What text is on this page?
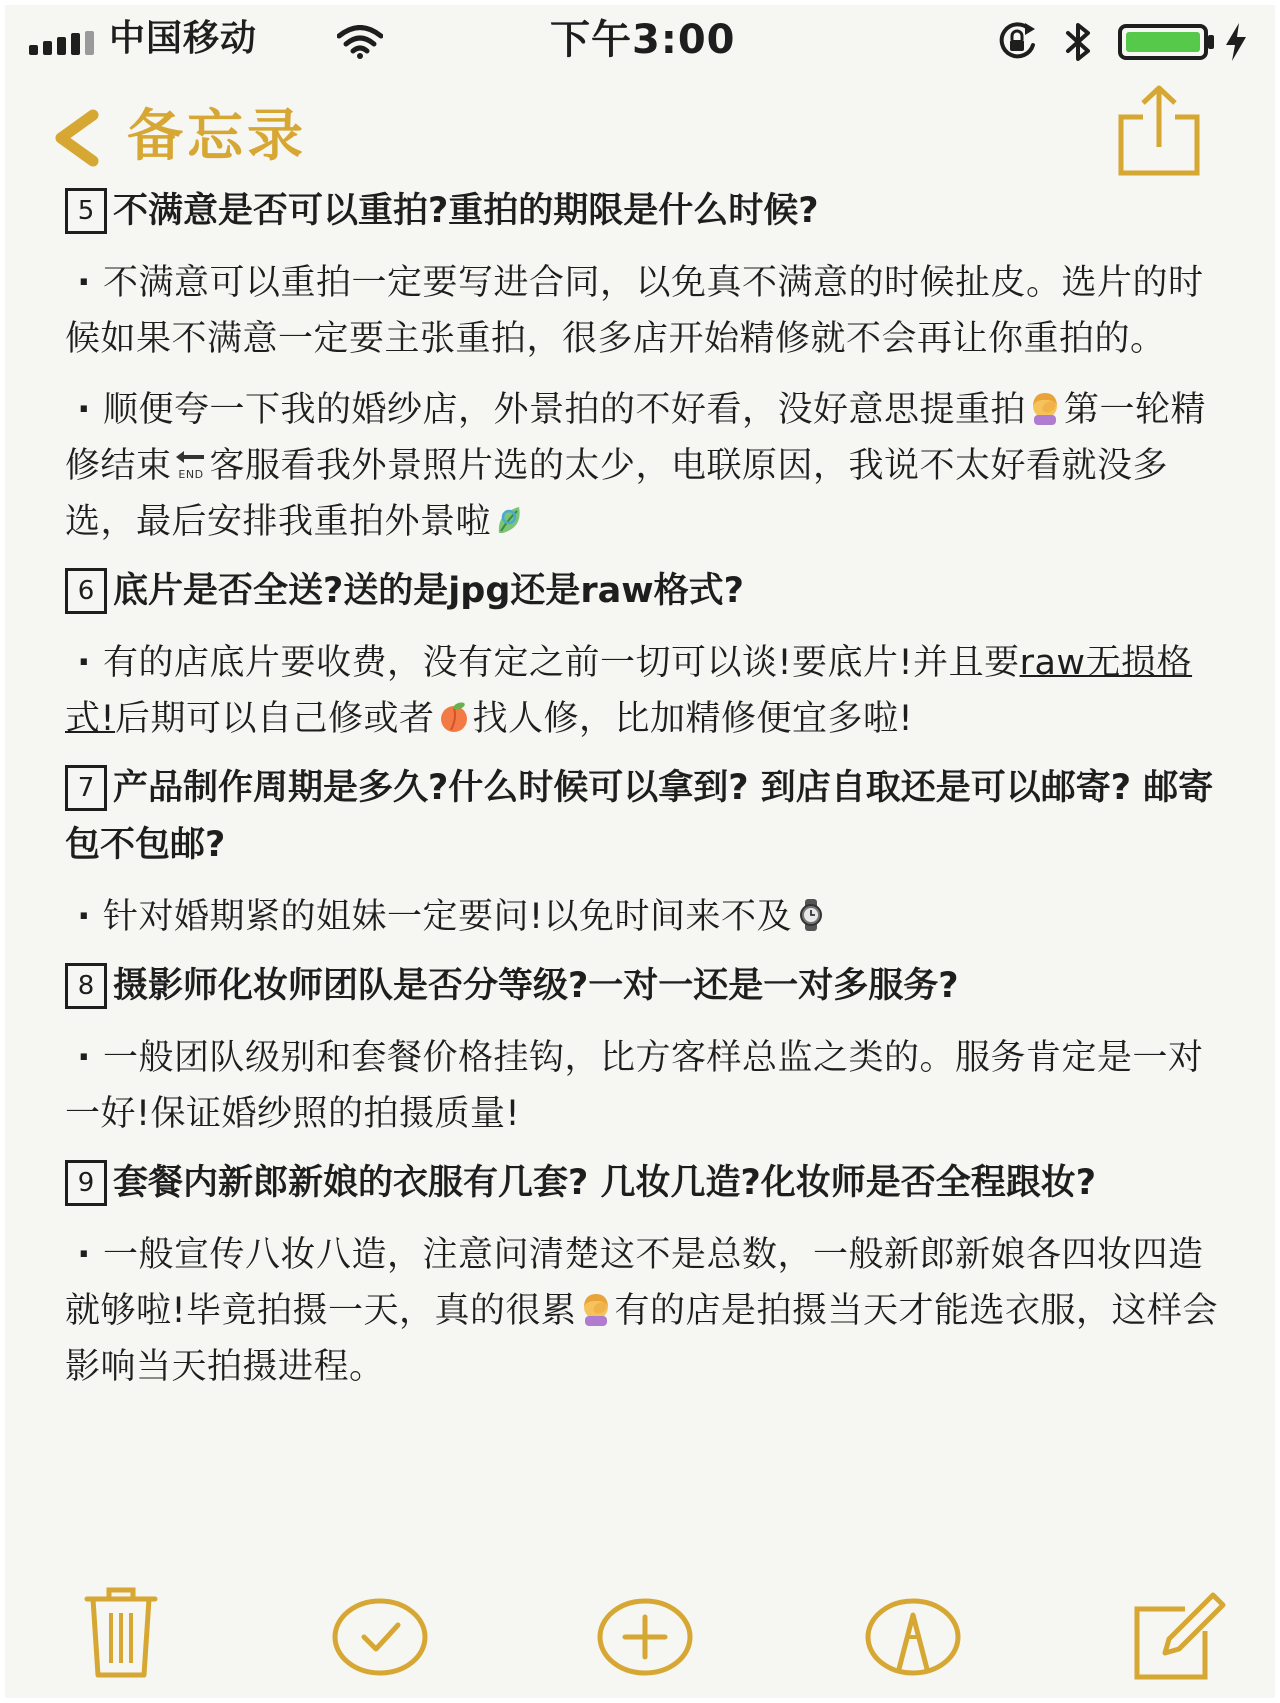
中国移动	下午3:00
备忘录

5 不满意是否可以重拍?重拍的期限是什么时候?

· 不满意可以重拍一定要写进合同，以免真不满意的时候扯皮。选片的时候如果不满意一定要主张重拍，很多店开始精修就不会再让你重拍的。

· 顺便夸一下我的婚纱店，外景拍的不好看，没好意思提重拍 第一轮精修结束 END 客服看我外景照片选的太少，电联原因，我说不太好看就没多选，最后安排我重拍外景啦

6 底片是否全送?送的是jpg还是raw格式?

· 有的店底片要收费，没有定之前一切可以谈!要底片!并且要raw无损格式!后期可以自己修或者 找人修，比加精修便宜多啦!

7 产品制作周期是多久?什么时候可以拿到? 到店自取还是可以邮寄? 邮寄包不包邮?

· 针对婚期紧的姐妹一定要问!以免时间来不及

8 摄影师化妆师团队是否分等级?一对一还是一对多服务?

· 一般团队级别和套餐价格挂钩，比方客样总监之类的。服务肯定是一对一好!保证婚纱照的拍摄质量!

9 套餐内新郎新娘的衣服有几套? 几妆几造?化妆师是否全程跟妆?

· 一般宣传八妆八造，注意问清楚这不是总数，一般新郎新娘各四妆四造就够啦!毕竟拍摄一天，真的很累 有的店是拍摄当天才能选衣服，这样会影响当天拍摄进程。
